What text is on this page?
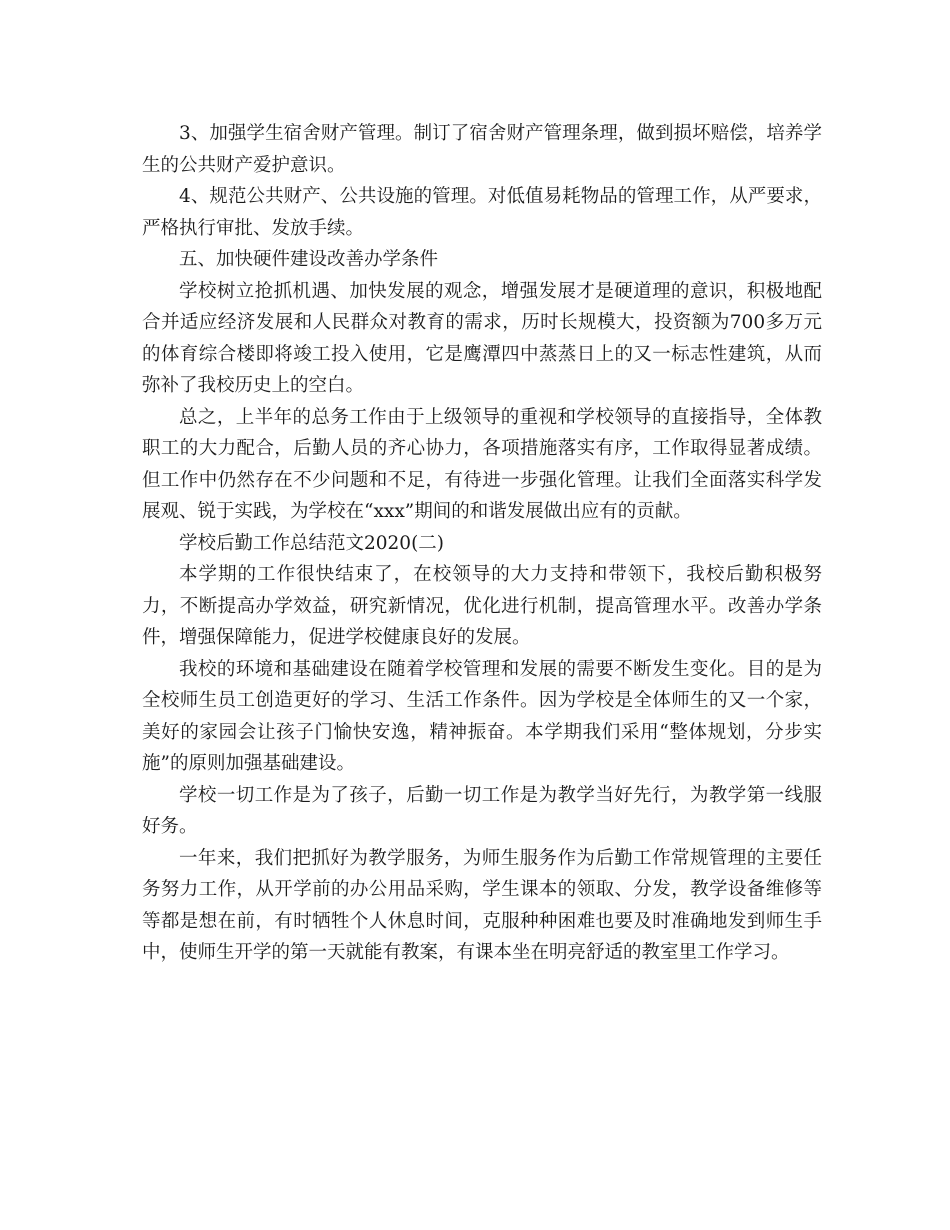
3、加强学生宿舍财产管理。制订了宿舍财产管理条理，做到损坏赔偿，培养学生的公共财产爱护意识。

4、规范公共财产、公共设施的管理。对低值易耗物品的管理工作，从严要求，严格执行审批、发放手续。

五、加快硬件建设改善办学条件

学校树立抢抓机遇、加快发展的观念，增强发展才是硬道理的意识，积极地配合并适应经济发展和人民群众对教育的需求，历时长规模大，投资额为700多万元的体育综合楼即将竣工投入使用，它是鹰潭四中蒸蒸日上的又一标志性建筑，从而弥补了我校历史上的空白。

总之，上半年的总务工作由于上级领导的重视和学校领导的直接指导，全体教职工的大力配合，后勤人员的齐心协力，各项措施落实有序，工作取得显著成绩。但工作中仍然存在不少问题和不足，有待进一步强化管理。让我们全面落实科学发展观、锐于实践，为学校在“xxx”期间的和谐发展做出应有的贡献。

学校后勤工作总结范文2020(二)

本学期的工作很快结束了，在校领导的大力支持和带领下，我校后勤积极努力，不断提高办学效益，研究新情况，优化进行机制，提高管理水平。改善办学条件，增强保障能力，促进学校健康良好的发展。

我校的环境和基础建设在随着学校管理和发展的需要不断发生变化。目的是为全校师生员工创造更好的学习、生活工作条件。因为学校是全体师生的又一个家，美好的家园会让孩子门愉快安逸，精神振奋。本学期我们采用“整体规划，分步实施”的原则加强基础建设。

学校一切工作是为了孩子，后勤一切工作是为教学当好先行，为教学第一线服好务。

一年来，我们把抓好为教学服务，为师生服务作为后勤工作常规管理的主要任务努力工作，从开学前的办公用品采购，学生课本的领取、分发，教学设备维修等等都是想在前，有时牺牲个人休息时间，克服种种困难也要及时准确地发到师生手中，使师生开学的第一天就能有教案，有课本坐在明亮舒适的教室里工作学习。
